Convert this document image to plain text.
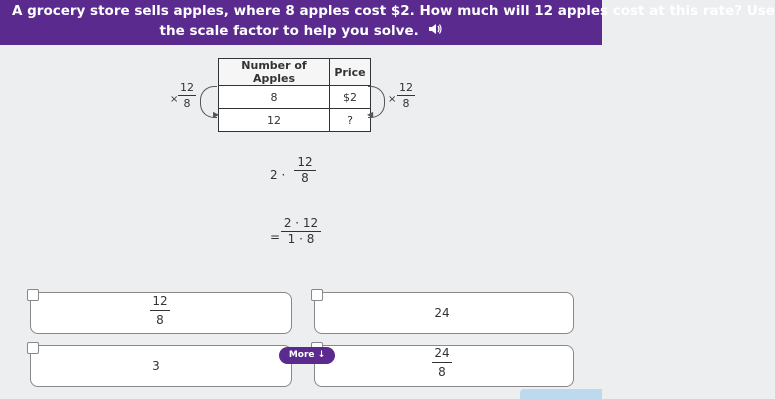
A grocery store sells apples, where 8 apples cost $2. How much will 12 apples cost at this rate? Use
the scale factor to help you solve.
Number of Apples	Price
8	$2
12	?
×
12
8
▶	◀
×
12
8
2 ·
12
8
=
2 · 12
1 · 8
12
8	24
3
24
8
More ↓
